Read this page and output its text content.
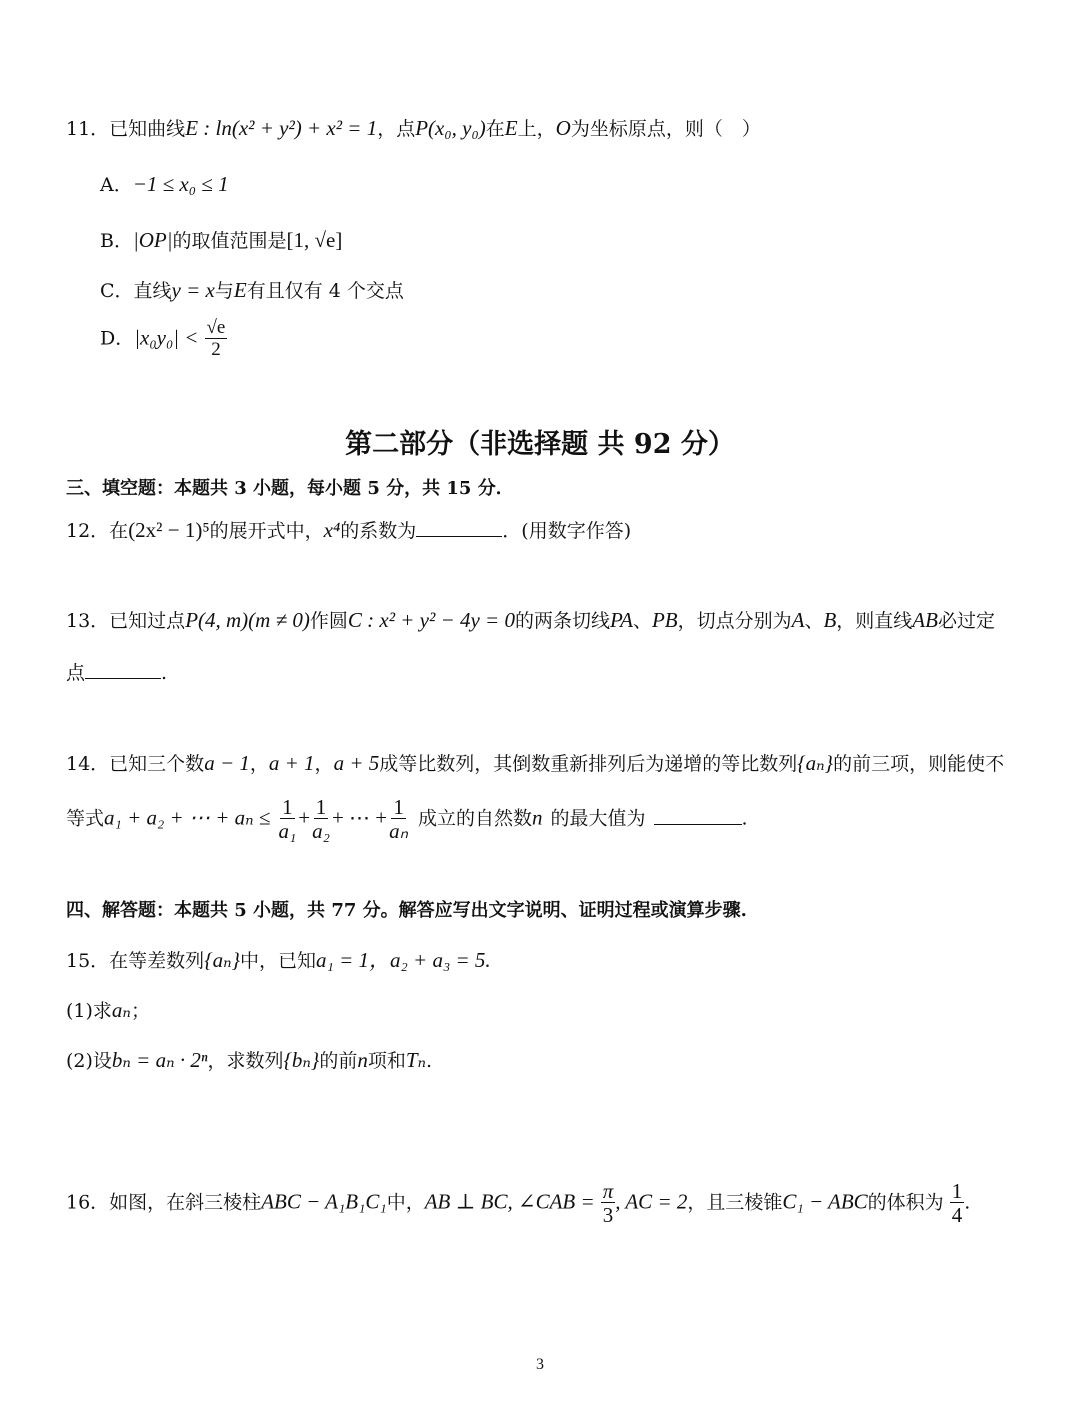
11．已知曲线E : ln(x² + y²) + x² = 1，点P(x₀, y₀)在E上，O为坐标原点，则（　）
A．−1 ≤ x₀ ≤ 1
B．|OP|的取值范围是[1, √e]
C．直线y = x与E有且仅有 4 个交点
D．$|x_0y_0| < \frac{√e}{2}$
第二部分（非选择题 共 92 分）
三、填空题：本题共 3 小题，每小题 5 分，共 15 分．
12．在(2x² − 1)⁵的展开式中，x⁴的系数为	．(用数字作答)
13．已知过点P(4, m)(m ≠ 0)作圆C : x² + y² − 4y = 0的两条切线PA、PB，切点分别为A、B，则直线AB必过定
点	.
14．已知三个数a − 1，a + 1，a + 5成等比数列，其倒数重新排列后为递增的等比数列{aₙ}的前三项，则能使不
等式a₁ + a₂ + ⋯ + $a_n \le \frac{1}{\text{a₁}} + \frac{1}{\text{a₂}}$ + ⋯ + $\frac{1}{\text{aₙ}}$ 成立的自然数n 的最大值为	.
四、解答题：本题共 5 小题，共 77 分。解答应写出文字说明、证明过程或演算步骤.
15．在等差数列{aₙ}中，已知a₁ = 1，a₂ + a₃ = 5.
(1)求aₙ；
(2)设bₙ = aₙ · 2ⁿ，求数列{bₙ}的前n项和Tₙ.
16．如图，在斜三棱柱ABC − A₁B₁C₁中，AB ⊥ BC, ∠CAB = $\frac{\pi}{3}$ , AC = 2，且三棱锥C₁ − ABC的体积为 $\frac{1}{4}$ .
3
